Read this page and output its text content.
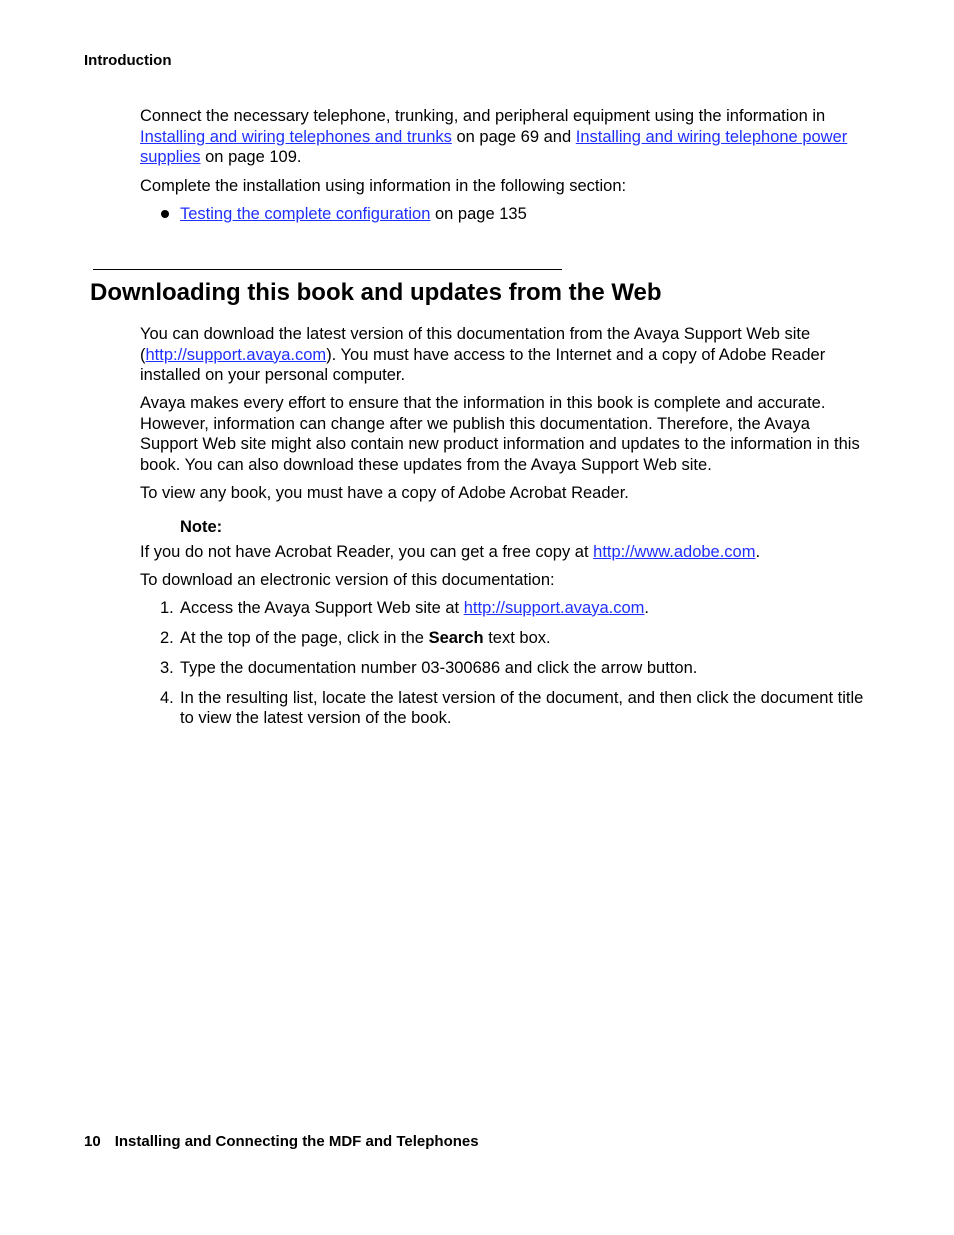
Introduction

Connect the necessary telephone, trunking, and peripheral equipment using the information in Installing and wiring telephones and trunks on page 69 and Installing and wiring telephone power supplies on page 109.

Complete the installation using information in the following section:

Testing the complete configuration on page 135
Downloading this book and updates from the Web

You can download the latest version of this documentation from the Avaya Support Web site (http://support.avaya.com). You must have access to the Internet and a copy of Adobe Reader installed on your personal computer.

Avaya makes every effort to ensure that the information in this book is complete and accurate. However, information can change after we publish this documentation. Therefore, the Avaya Support Web site might also contain new product information and updates to the information in this book. You can also download these updates from the Avaya Support Web site.

To view any book, you must have a copy of Adobe Acrobat Reader.

Note:

If you do not have Acrobat Reader, you can get a free copy at http://www.adobe.com.

To download an electronic version of this documentation:

1. Access the Avaya Support Web site at http://support.avaya.com.
2. At the top of the page, click in the Search text box.
3. Type the documentation number 03-300686 and click the arrow button.
4. In the resulting list, locate the latest version of the document, and then click the document title to view the latest version of the book.
10 Installing and Connecting the MDF and Telephones
